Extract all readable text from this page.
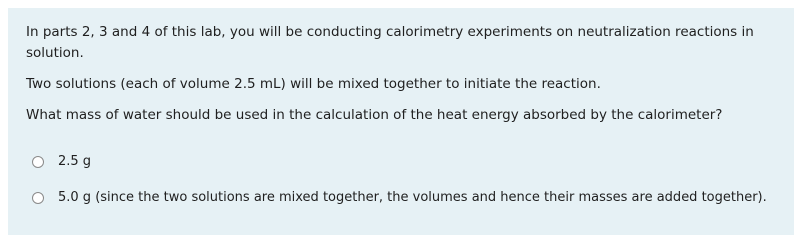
In parts 2, 3 and 4 of this lab, you will be conducting calorimetry experiments on neutralization reactions in solution.

Two solutions (each of volume 2.5 mL) will be mixed together to initiate the reaction.

What mass of water should be used in the calculation of the heat energy absorbed by the calorimeter?

2.5 g
5.0 g (since the two solutions are mixed together, the volumes and hence their masses are added together).
